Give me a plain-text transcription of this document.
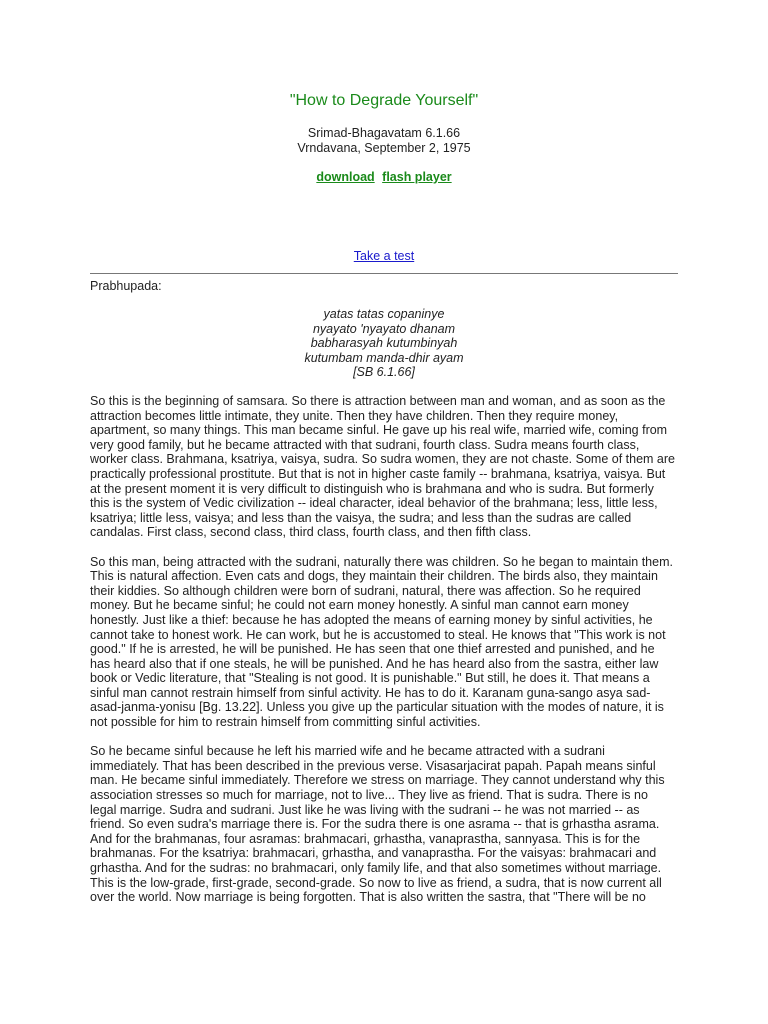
"How to Degrade Yourself"
Srimad-Bhagavatam 6.1.66
Vrndavana, September 2, 1975
download flash player
Take a test
Prabhupada:
yatas tatas copaninye
nyayato 'nyayato dhanam
babharasyah kutumbinyah
kutumbam manda-dhir ayam
[SB 6.1.66]

So this is the beginning of samsara. So there is attraction between man and woman, and as soon as the
attraction becomes little intimate, they unite. Then they have children. Then they require money,
apartment, so many things. This man became sinful. He gave up his real wife, married wife, coming from
very good family, but he became attracted with that sudrani, fourth class. Sudra means fourth class,
worker class. Brahmana, ksatriya, vaisya, sudra. So sudra women, they are not chaste. Some of them are
practically professional prostitute. But that is not in higher caste family -- brahmana, ksatriya, vaisya. But
at the present moment it is very difficult to distinguish who is brahmana and who is sudra. But formerly
this is the system of Vedic civilization -- ideal character, ideal behavior of the brahmana; less, little less,
ksatriya; little less, vaisya; and less than the vaisya, the sudra; and less than the sudras are called
candalas. First class, second class, third class, fourth class, and then fifth class.

So this man, being attracted with the sudrani, naturally there was children. So he began to maintain them.
This is natural affection. Even cats and dogs, they maintain their children. The birds also, they maintain
their kiddies. So although children were born of sudrani, natural, there was affection. So he required
money. But he became sinful; he could not earn money honestly. A sinful man cannot earn money
honestly. Just like a thief: because he has adopted the means of earning money by sinful activities, he
cannot take to honest work. He can work, but he is accustomed to steal. He knows that "This work is not
good." If he is arrested, he will be punished. He has seen that one thief arrested and punished, and he
has heard also that if one steals, he will be punished. And he has heard also from the sastra, either law
book or Vedic literature, that "Stealing is not good. It is punishable." But still, he does it. That means a
sinful man cannot restrain himself from sinful activity. He has to do it. Karanam guna-sango asya sad-
asad-janma-yonisu [Bg. 13.22]. Unless you give up the particular situation with the modes of nature, it is
not possible for him to restrain himself from committing sinful activities.

So he became sinful because he left his married wife and he became attracted with a sudrani
immediately. That has been described in the previous verse. Visasarjacirat papah. Papah means sinful
man. He became sinful immediately. Therefore we stress on marriage. They cannot understand why this
association stresses so much for marriage, not to live... They live as friend. That is sudra. There is no
legal marrige. Sudra and sudrani. Just like he was living with the sudrani -- he was not married -- as
friend. So even sudra's marriage there is. For the sudra there is one asrama -- that is grhastha asrama.
And for the brahmanas, four asramas: brahmacari, grhastha, vanaprastha, sannyasa. This is for the
brahmanas. For the ksatriya: brahmacari, grhastha, and vanaprastha. For the vaisyas: brahmacari and
grhastha. And for the sudras: no brahmacari, only family life, and that also sometimes without marriage.
This is the low-grade, first-grade, second-grade. So now to live as friend, a sudra, that is now current all
over the world. Now marriage is being forgotten. That is also written the sastra, that "There will be no
